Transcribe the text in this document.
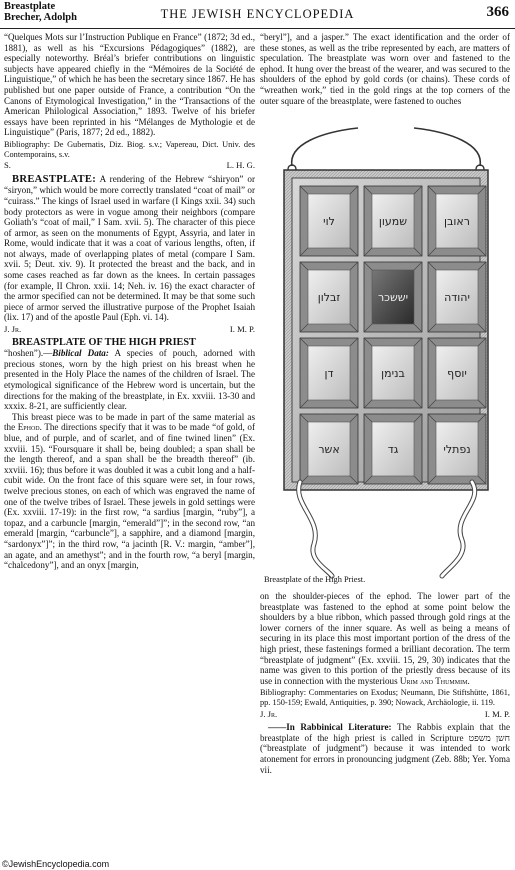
Breastplate
Brecher, Adolph	THE JEWISH ENCYCLOPEDIA	366

“Quelques Mots sur l’Instruction Publique en France” (1872; 3d ed., 1881), as well as his “Excursions Pédagogiques” (1882), are especially noteworthy. Bréal’s briefer contributions on linguistic subjects have appeared chiefly in the “Mémoires de la Société de Linguistique,” of which he has been the secretary since 1867. He has published but one paper outside of France, a contribution “On the Canons of Etymological Investigation,” in the “Transactions of the American Philological Association,” 1893. Twelve of his briefer essays have been reprinted in his “Mélanges de Mythologie et de Linguistique” (Paris, 1877; 2d ed., 1882).

Bibliography: De Gubernatis, Diz. Biog. s.v.; Vapereau, Dict. Univ. des Contemporains, s.v.

S.	L. H. G.

BREASTPLATE: A rendering of the Hebrew “shiryon” or “siryon,” which would be more correctly translated “coat of mail” or “cuirass.” The kings of Israel used in warfare (I Kings xxii. 34) such body protectors as were in vogue among their neighbors (compare Goliath’s “coat of mail,” I Sam. xvii. 5). The character of this piece of armor, as seen on the monuments of Egypt, Assyria, and later in Rome, would indicate that it was a coat of various lengths, often, if not always, made of overlapping plates of metal (compare I Sam. xvii. 5; Deut. xiv. 9). It protected the breast and the back, and in some cases reached as far down as the knees. In certain passages (for example, II Chron. xxii. 14; Neh. iv. 16) the exact character of the armor specified can not be determined. It may be that some such piece of armor served the illustrative purpose of the Prophet Isaiah (lix. 17) and of the apostle Paul (Eph. vi. 14).

J. Jr.	I. M. P.

BREASTPLATE OF THE HIGH PRIEST

“hoshen”).—Biblical Data: A species of pouch, adorned with precious stones, worn by the high priest on his breast when he presented in the Holy Place the names of the children of Israel. The etymological significance of the Hebrew word is uncertain, but the directions for the making of the breastplate, in Ex. xxviii. 13-30 and xxxix. 8-21, are sufficiently clear.

This breast piece was to be made in part of the same material as the Ephod. The directions specify that it was to be made “of gold, of blue, and of purple, and of scarlet, and of fine twined linen” (Ex. xxviii. 15). “Foursquare it shall be, being doubled; a span shall be the length thereof, and a span shall be the breadth thereof” (ib. xxviii. 16); thus before it was doubled it was a cubit long and a half-cubit wide. On the front face of this square were set, in four rows, twelve precious stones, on each of which was engraved the name of one of the twelve tribes of Israel. These jewels in gold settings were (Ex. xxviii. 17-19): in the first row, “a sardius [margin, “ruby”], a topaz, and a carbuncle [margin, “emerald”]”; in the second row, “an emerald [margin, “carbuncle”], a sapphire, and a diamond [margin, “sardonyx”]”; in the third row, “a jacinth [R. V.: margin, “amber”], an agate, and an amethyst”; and in the fourth row, “a beryl [margin, “chalcedony”], and an onyx [margin,

“beryl”], and a jasper.” The exact identification and the order of these stones, as well as the tribe represented by each, are matters of speculation. The breastplate was worn over and fastened to the ephod. It hung over the breast of the wearer, and was secured to the shoulders of the ephod by gold cords (or chains). These cords of “wreathen work,” tied in the gold rings at the top corners of the outer square of the breastplate, were fastened to ouches

לוי	שמעון	ראובן
זבלון	יששכר	יהודה
דן	בנימן	יוסף
אשר	גד	נפתלי
Breastplate of the High Priest.

on the shoulder-pieces of the ephod. The lower part of the breastplate was fastened to the ephod at some point below the shoulders by a blue ribbon, which passed through gold rings at the lower corners of the inner square. As well as being a means of securing in its place this most important portion of the dress of the high priest, these fastenings formed a brilliant decoration. The term “breastplate of judgment” (Ex. xxviii. 15, 29, 30) indicates that the name was given to this portion of the priestly dress because of its use in connection with the mysterious Urim and Thummim.

Bibliography: Commentaries on Exodus; Neumann, Die Stiftshütte, 1861, pp. 150-159; Ewald, Antiquities, p. 390; Nowack, Archäologie, ii. 119.

J. Jr.	I. M. P.

——In Rabbinical Literature: The Rabbis explain that the breastplate of the high priest is called in Scripture חשן משפט (“breastplate of judgment”) because it was intended to work atonement for errors in pronouncing judgment (Zeb. 88b; Yer. Yoma vii.

©JewishEncyclopedia.com
